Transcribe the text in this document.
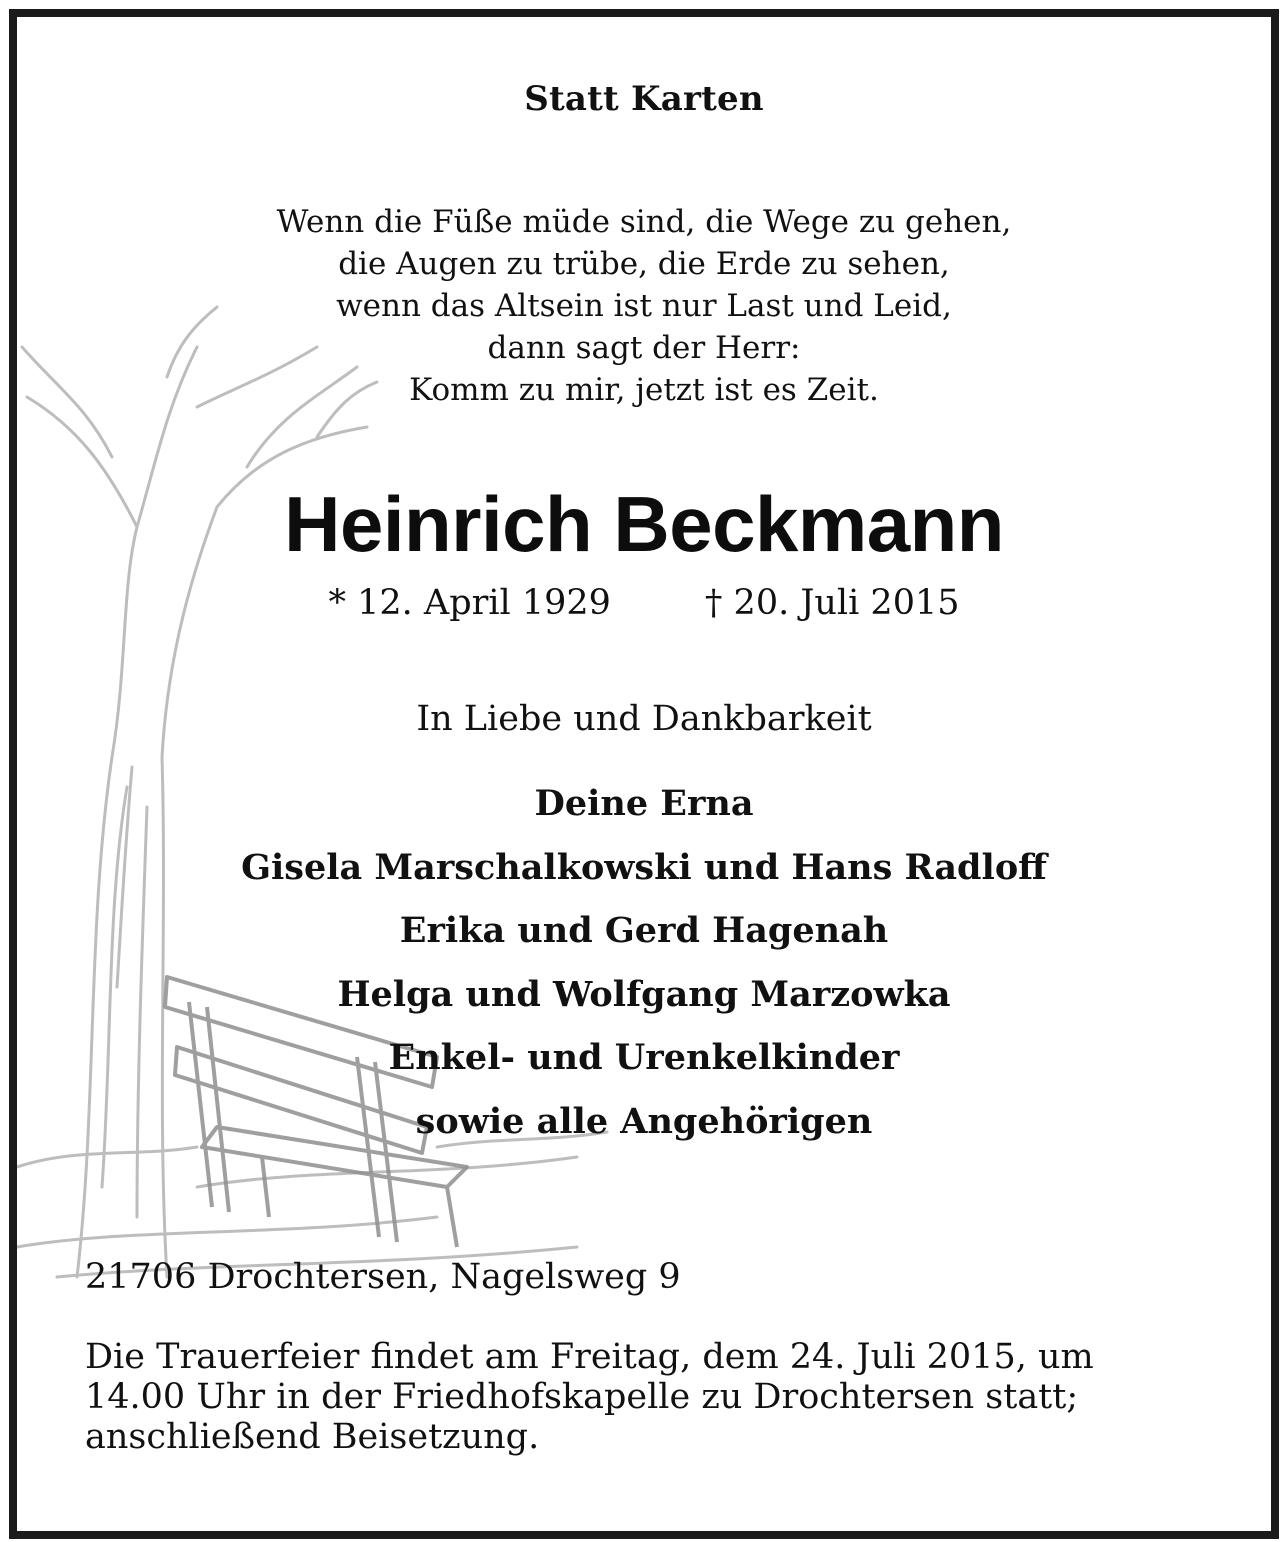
Statt Karten
Wenn die Füße müde sind, die Wege zu gehen,
die Augen zu trübe, die Erde zu sehen,
wenn das Altsein ist nur Last und Leid,
dann sagt der Herr:
Komm zu mir, jetzt ist es Zeit.
Heinrich Beckmann
* 12. April 1929	† 20. Juli 2015
In Liebe und Dankbarkeit
Deine Erna
Gisela Marschalkowski und Hans Radloff
Erika und Gerd Hagenah
Helga und Wolfgang Marzowka
Enkel- und Urenkelkinder
sowie alle Angehörigen
21706 Drochtersen, Nagelsweg 9
Die Trauerfeier findet am Freitag, dem 24. Juli 2015, um
14.00 Uhr in der Friedhofskapelle zu Drochtersen statt;
anschließend Beisetzung.
